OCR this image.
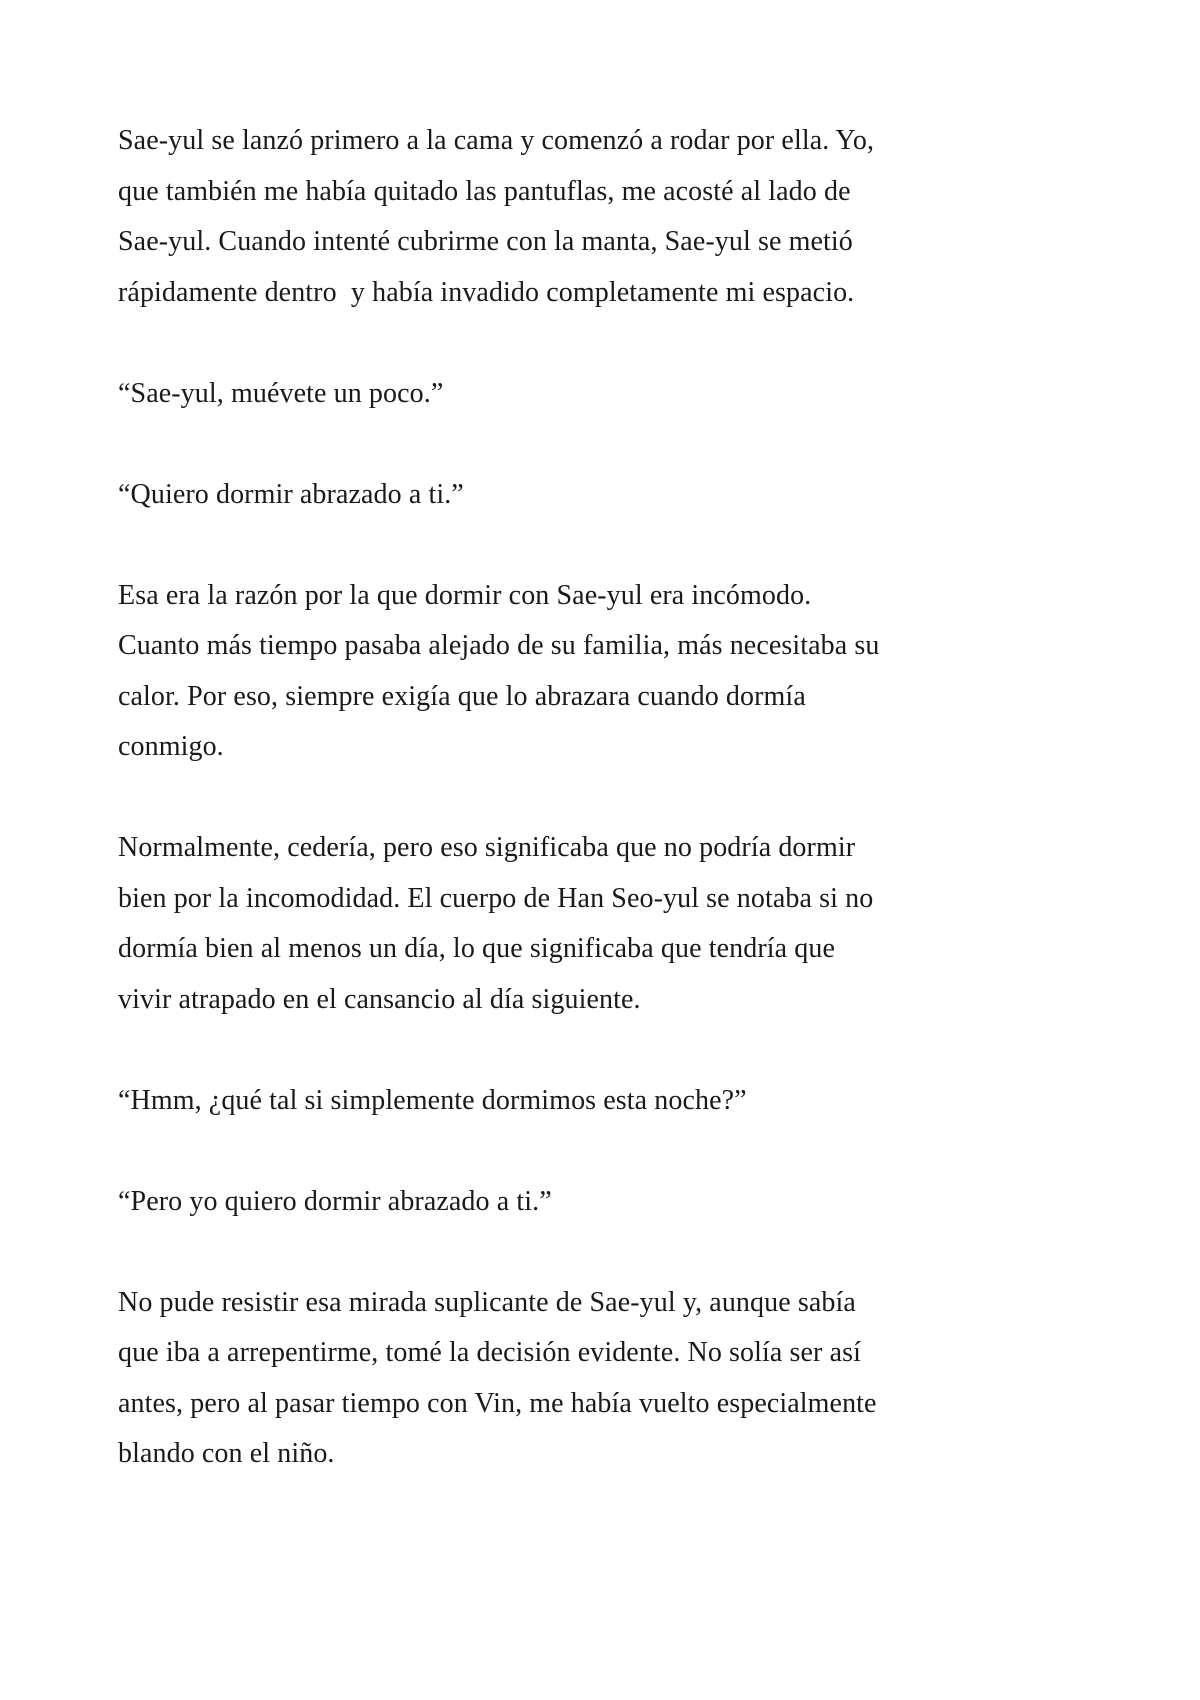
Sae-yul se lanzó primero a la cama y comenzó a rodar por ella. Yo,
que también me había quitado las pantuflas, me acosté al lado de
Sae-yul. Cuando intenté cubrirme con la manta, Sae-yul se metió
rápidamente dentro  y había invadido completamente mi espacio.

“Sae-yul, muévete un poco.”

“Quiero dormir abrazado a ti.”

Esa era la razón por la que dormir con Sae-yul era incómodo.
Cuanto más tiempo pasaba alejado de su familia, más necesitaba su
calor. Por eso, siempre exigía que lo abrazara cuando dormía
conmigo.

Normalmente, cedería, pero eso significaba que no podría dormir
bien por la incomodidad. El cuerpo de Han Seo-yul se notaba si no
dormía bien al menos un día, lo que significaba que tendría que
vivir atrapado en el cansancio al día siguiente.

“Hmm, ¿qué tal si simplemente dormimos esta noche?”

“Pero yo quiero dormir abrazado a ti.”

No pude resistir esa mirada suplicante de Sae-yul y, aunque sabía
que iba a arrepentirme, tomé la decisión evidente. No solía ser así
antes, pero al pasar tiempo con Vin, me había vuelto especialmente
blando con el niño.
